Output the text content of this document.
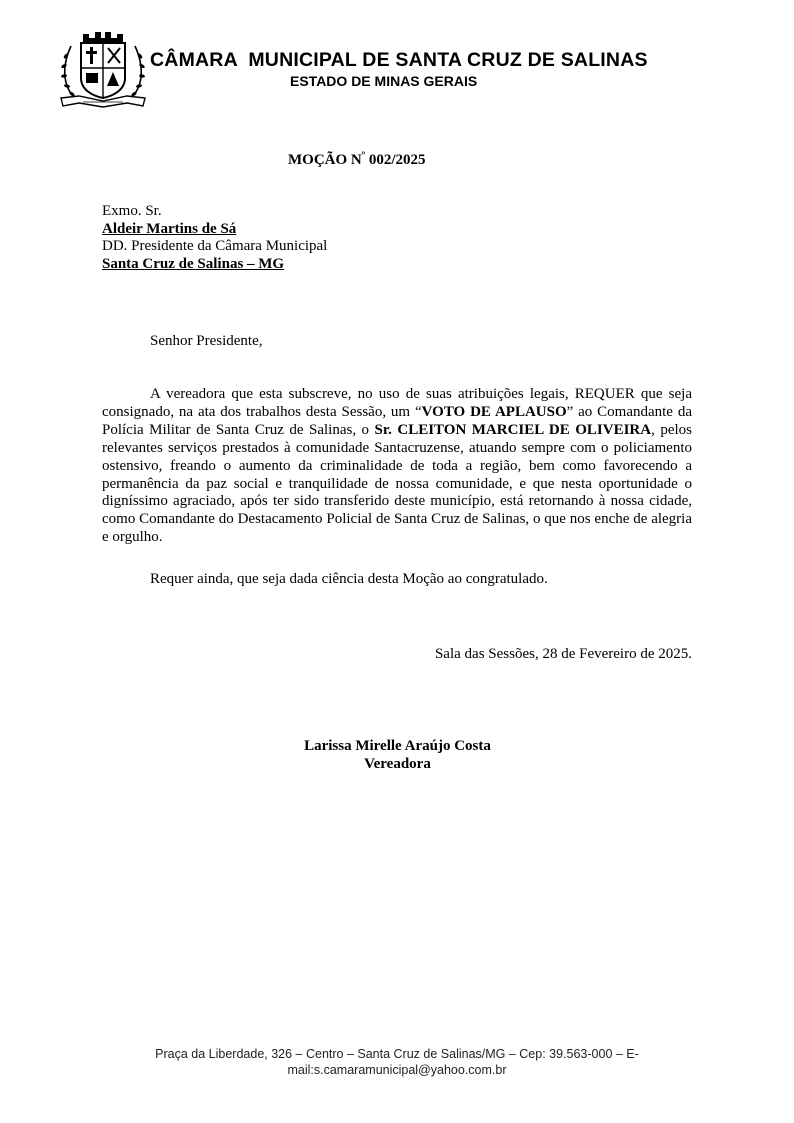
CÂMARA  MUNICIPAL DE SANTA CRUZ DE SALINAS
ESTADO DE MINAS GERAIS
MOÇÃO $N^º$ 002/2025
Exmo. Sr.
Aldeir Martins de Sá
DD. Presidente da Câmara Municipal
Santa Cruz de Salinas – MG
Senhor Presidente,
A vereadora que esta subscreve, no uso de suas atribuições legais, REQUER que seja consignado, na ata dos trabalhos desta Sessão, um “VOTO DE APLAUSO” ao Comandante da Polícia Militar de Santa Cruz de Salinas, o Sr. CLEITON MARCIEL DE OLIVEIRA, pelos relevantes serviços prestados à comunidade Santacruzense, atuando sempre com o policiamento ostensivo, freando o aumento da criminalidade de toda a região, bem como favorecendo a permanência da paz social e tranquilidade de nossa comunidade, e que nesta oportunidade o digníssimo agraciado, após ter sido transferido deste município, está retornando à nossa cidade, como Comandante do Destacamento Policial de Santa Cruz de Salinas, o que nos enche de alegria e orgulho.
Requer ainda, que seja dada ciência desta Moção ao congratulado.
Sala das Sessões, 28 de Fevereiro de 2025.
Larissa Mirelle Araújo Costa
Vereadora
Praça da Liberdade, 326 – Centro – Santa Cruz de Salinas/MG – Cep: 39.563-000 – E-
mail:s.camaramunicipal@yahoo.com.br
